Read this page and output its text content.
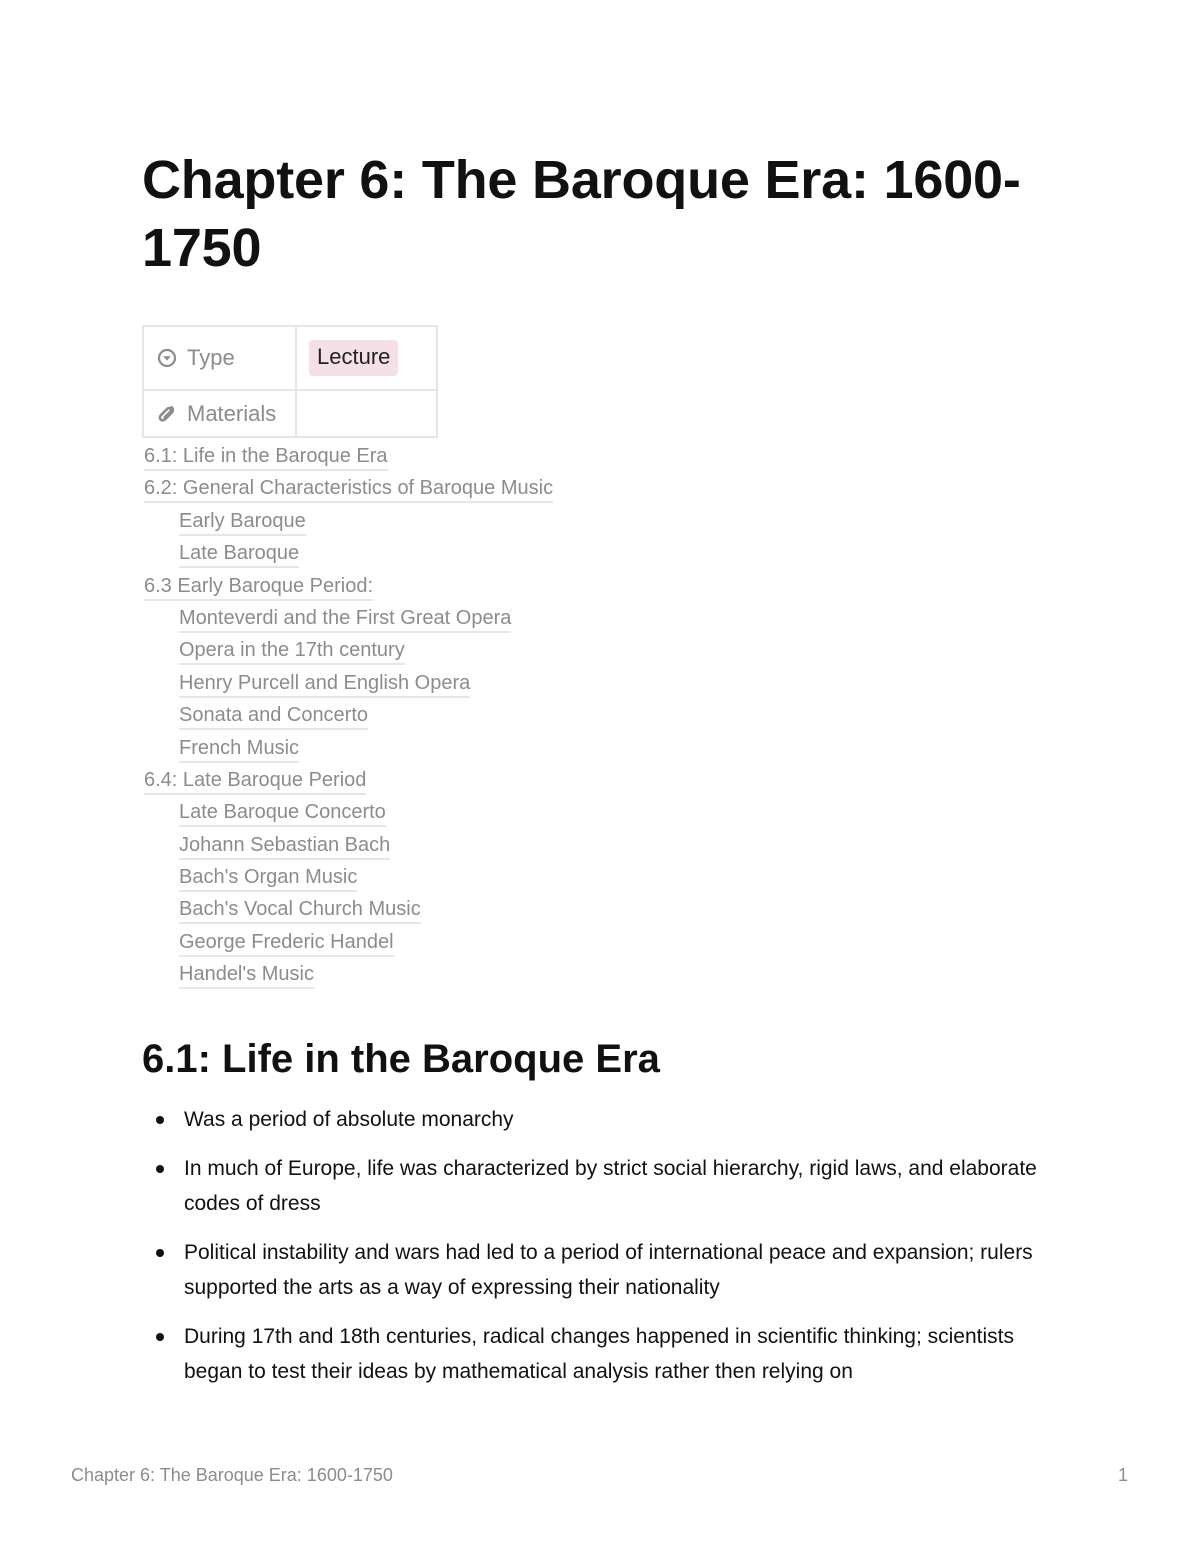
Chapter 6: The Baroque Era: 1600-1750
Type	Lecture

Materials	

6.1: Life in the Baroque Era
6.2: General Characteristics of Baroque Music
Early Baroque
Late Baroque
6.3 Early Baroque Period:
Monteverdi and the First Great Opera
Opera in the 17th century
Henry Purcell and English Opera
Sonata and Concerto
French Music
6.4: Late Baroque Period
Late Baroque Concerto
Johann Sebastian Bach
Bach's Organ Music
Bach's Vocal Church Music
George Frederic Handel
Handel's Music
6.1: Life in the Baroque Era
Was a period of absolute monarchy
In much of Europe, life was characterized by strict social hierarchy, rigid laws, and elaborate codes of dress
Political instability and wars had led to a period of international peace and expansion; rulers supported the arts as a way of expressing their nationality
During 17th and 18th centuries, radical changes happened in scientific thinking; scientists began to test their ideas by mathematical analysis rather then relying on
Chapter 6: The Baroque Era: 1600-1750	1
